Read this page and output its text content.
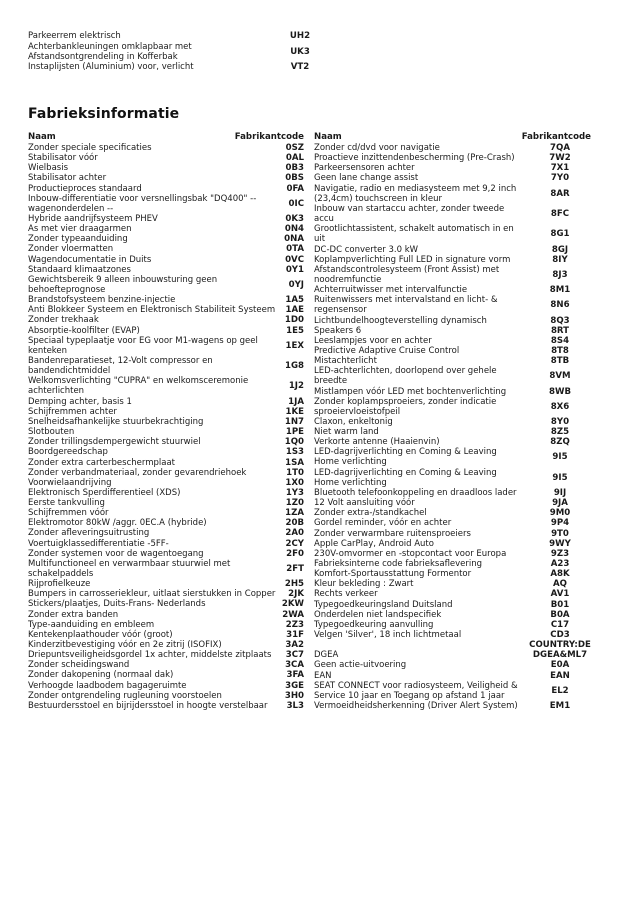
Parkeerrem elektrisch	UH2
Achterbankleuningen omklapbaar met Afstandsontgrendeling in Kofferbak	UK3
Instaplijsten (Aluminium) voor, verlicht	VT2
Fabrieksinformatie
Naam	Fabrikantcode
Zonder speciale specificaties	0SZ
Stabilisator vóór	0AL
Wielbasis	0B3
Stabilisator achter	0BS
Productieproces standaard	0FA
Inbouw-differentiatie voor versnellingsbak "DQ400" -- wagenonderdelen --	0IC
Hybride aandrijfsysteem PHEV	0K3
As met vier draagarmen	0N4
Zonder typeaanduiding	0NA
Zonder vloermatten	0TA
Wagendocumentatie in Duits	0VC
Standaard klimaatzones	0Y1
Gewichtsbereik 9 alleen inbouwsturing geen behoefteprognose	0YJ
Brandstofsysteem benzine-injectie	1A5
Anti Blokkeer Systeem en Elektronisch Stabiliteit Systeem	1AE
Zonder trekhaak	1D0
Absorptie-koolfilter (EVAP)	1E5
Speciaal typeplaatje voor EG voor M1-wagens op geel kenteken	1EX
Bandenreparatieset, 12-Volt compressor en bandendichtmiddel	1G8
Welkomsverlichting "CUPRA" en welkomsceremonie achterlichten	1J2
Demping achter, basis 1	1JA
Schijfremmen achter	1KE
Snelheidsafhankelijke stuurbekrachtiging	1N7
Slotbouten	1PE
Zonder trillingsdempergewicht stuurwiel	1Q0
Boordgereedschap	1S3
Zonder extra carterbeschermplaat	1SA
Zonder verbandmateriaal, zonder gevarendriehoek	1T0
Voorwielaandrijving	1X0
Elektronisch Sperdifferentieel (XDS)	1Y3
Eerste tankvulling	1Z0
Schijfremmen vóór	1ZA
Elektromotor 80kW /aggr. 0EC.A (hybride)	20B
Zonder afleveringsuitrusting	2A0
Voertuigklassedifferentiatie -5FF-	2CY
Zonder systemen voor de wagentoegang	2F0
Multifunctioneel en verwarmbaar stuurwiel met schakelpaddels	2FT
Rijprofielkeuze	2H5
Bumpers in carrosseriekleur, uitlaat sierstukken in Copper	2JK
Stickers/plaatjes, Duits-Frans- Nederlands	2KW
Zonder extra banden	2WA
Type-aanduiding en embleem	2Z3
Kentekenplaathouder vóór (groot)	31F
Kinderzitbevestiging vóór en 2e zitrij (ISOFIX)	3A2
Driepuntsveiligheidsgordel 1x achter, middelste zitplaats	3C7
Zonder scheidingswand	3CA
Zonder dakopening (normaal dak)	3FA
Verhoogde laadbodem bagageruimte	3GE
Zonder ontgrendeling rugleuning voorstoelen	3H0
Bestuurdersstoel en bijrijdersstoel in hoogte verstelbaar	3L3
Naam	Fabrikantcode
Zonder cd/dvd voor navigatie	7QA
Proactieve inzittendenbescherming (Pre-Crash)	7W2
Parkeersensoren achter	7X1
Geen lane change assist	7Y0
Navigatie, radio en mediasysteem met 9,2 inch (23,4cm) touchscreen in kleur	8AR
Inbouw van startaccu achter, zonder tweede accu	8FC
Grootlichtassistent, schakelt automatisch in en uit	8G1
DC-DC converter 3.0 kW	8GJ
Koplampverlichting Full LED in signature vorm	8IY
Afstandscontrolesysteem (Front Assist) met noodremfunctie	8J3
Achterruitwisser met intervalfunctie	8M1
Ruitenwissers met intervalstand en licht- & regensensor	8N6
Lichtbundelhoogteverstelling dynamisch	8Q3
Speakers 6	8RT
Leeslampjes voor en achter	8S4
Predictive Adaptive Cruise Control	8T8
Mistachterlicht	8TB
LED-achterlichten, doorlopend over gehele breedte	8VM
Mistlampen vóór LED met bochtenverlichting	8WB
Zonder koplampsproeiers, zonder indicatie sproeiervloeistofpeil	8X6
Claxon, enkeltonig	8Y0
Niet warm land	8Z5
Verkorte antenne (Haaienvin)	8ZQ
LED-dagrijverlichting en Coming & Leaving Home verlichting	9I5
LED-dagrijverlichting en Coming & Leaving Home verlichting	9I5
Bluetooth telefoonkoppeling en draadloos lader	9IJ
12 Volt aansluiting vóór	9JA
Zonder extra-/standkachel	9M0
Gordel reminder, vóór en achter	9P4
Zonder verwarmbare ruitensproeiers	9T0
Apple CarPlay, Android Auto	9WY
230V-omvormer en -stopcontact voor Europa	9Z3
Fabrieksinterne code fabrieksaflevering	A23
Komfort-Sportausstattung Formentor	A8K
Kleur bekleding : Zwart	AQ
Rechts verkeer	AV1
Typegoedkeuringsland Duitsland	B01
Onderdelen niet landspecifiek	B0A
Typegoedkeuring aanvulling	C17
Velgen 'Silver', 18 inch lichtmetaal	CD3
COUNTRY:DE
DGEA	DGEA&ML7
Geen actie-uitvoering	E0A
EAN	EAN
SEAT CONNECT voor radiosysteem, Veiligheid & Service 10 jaar en Toegang op afstand 1 jaar	EL2
Vermoeidheidsherkenning (Driver Alert System)	EM1
